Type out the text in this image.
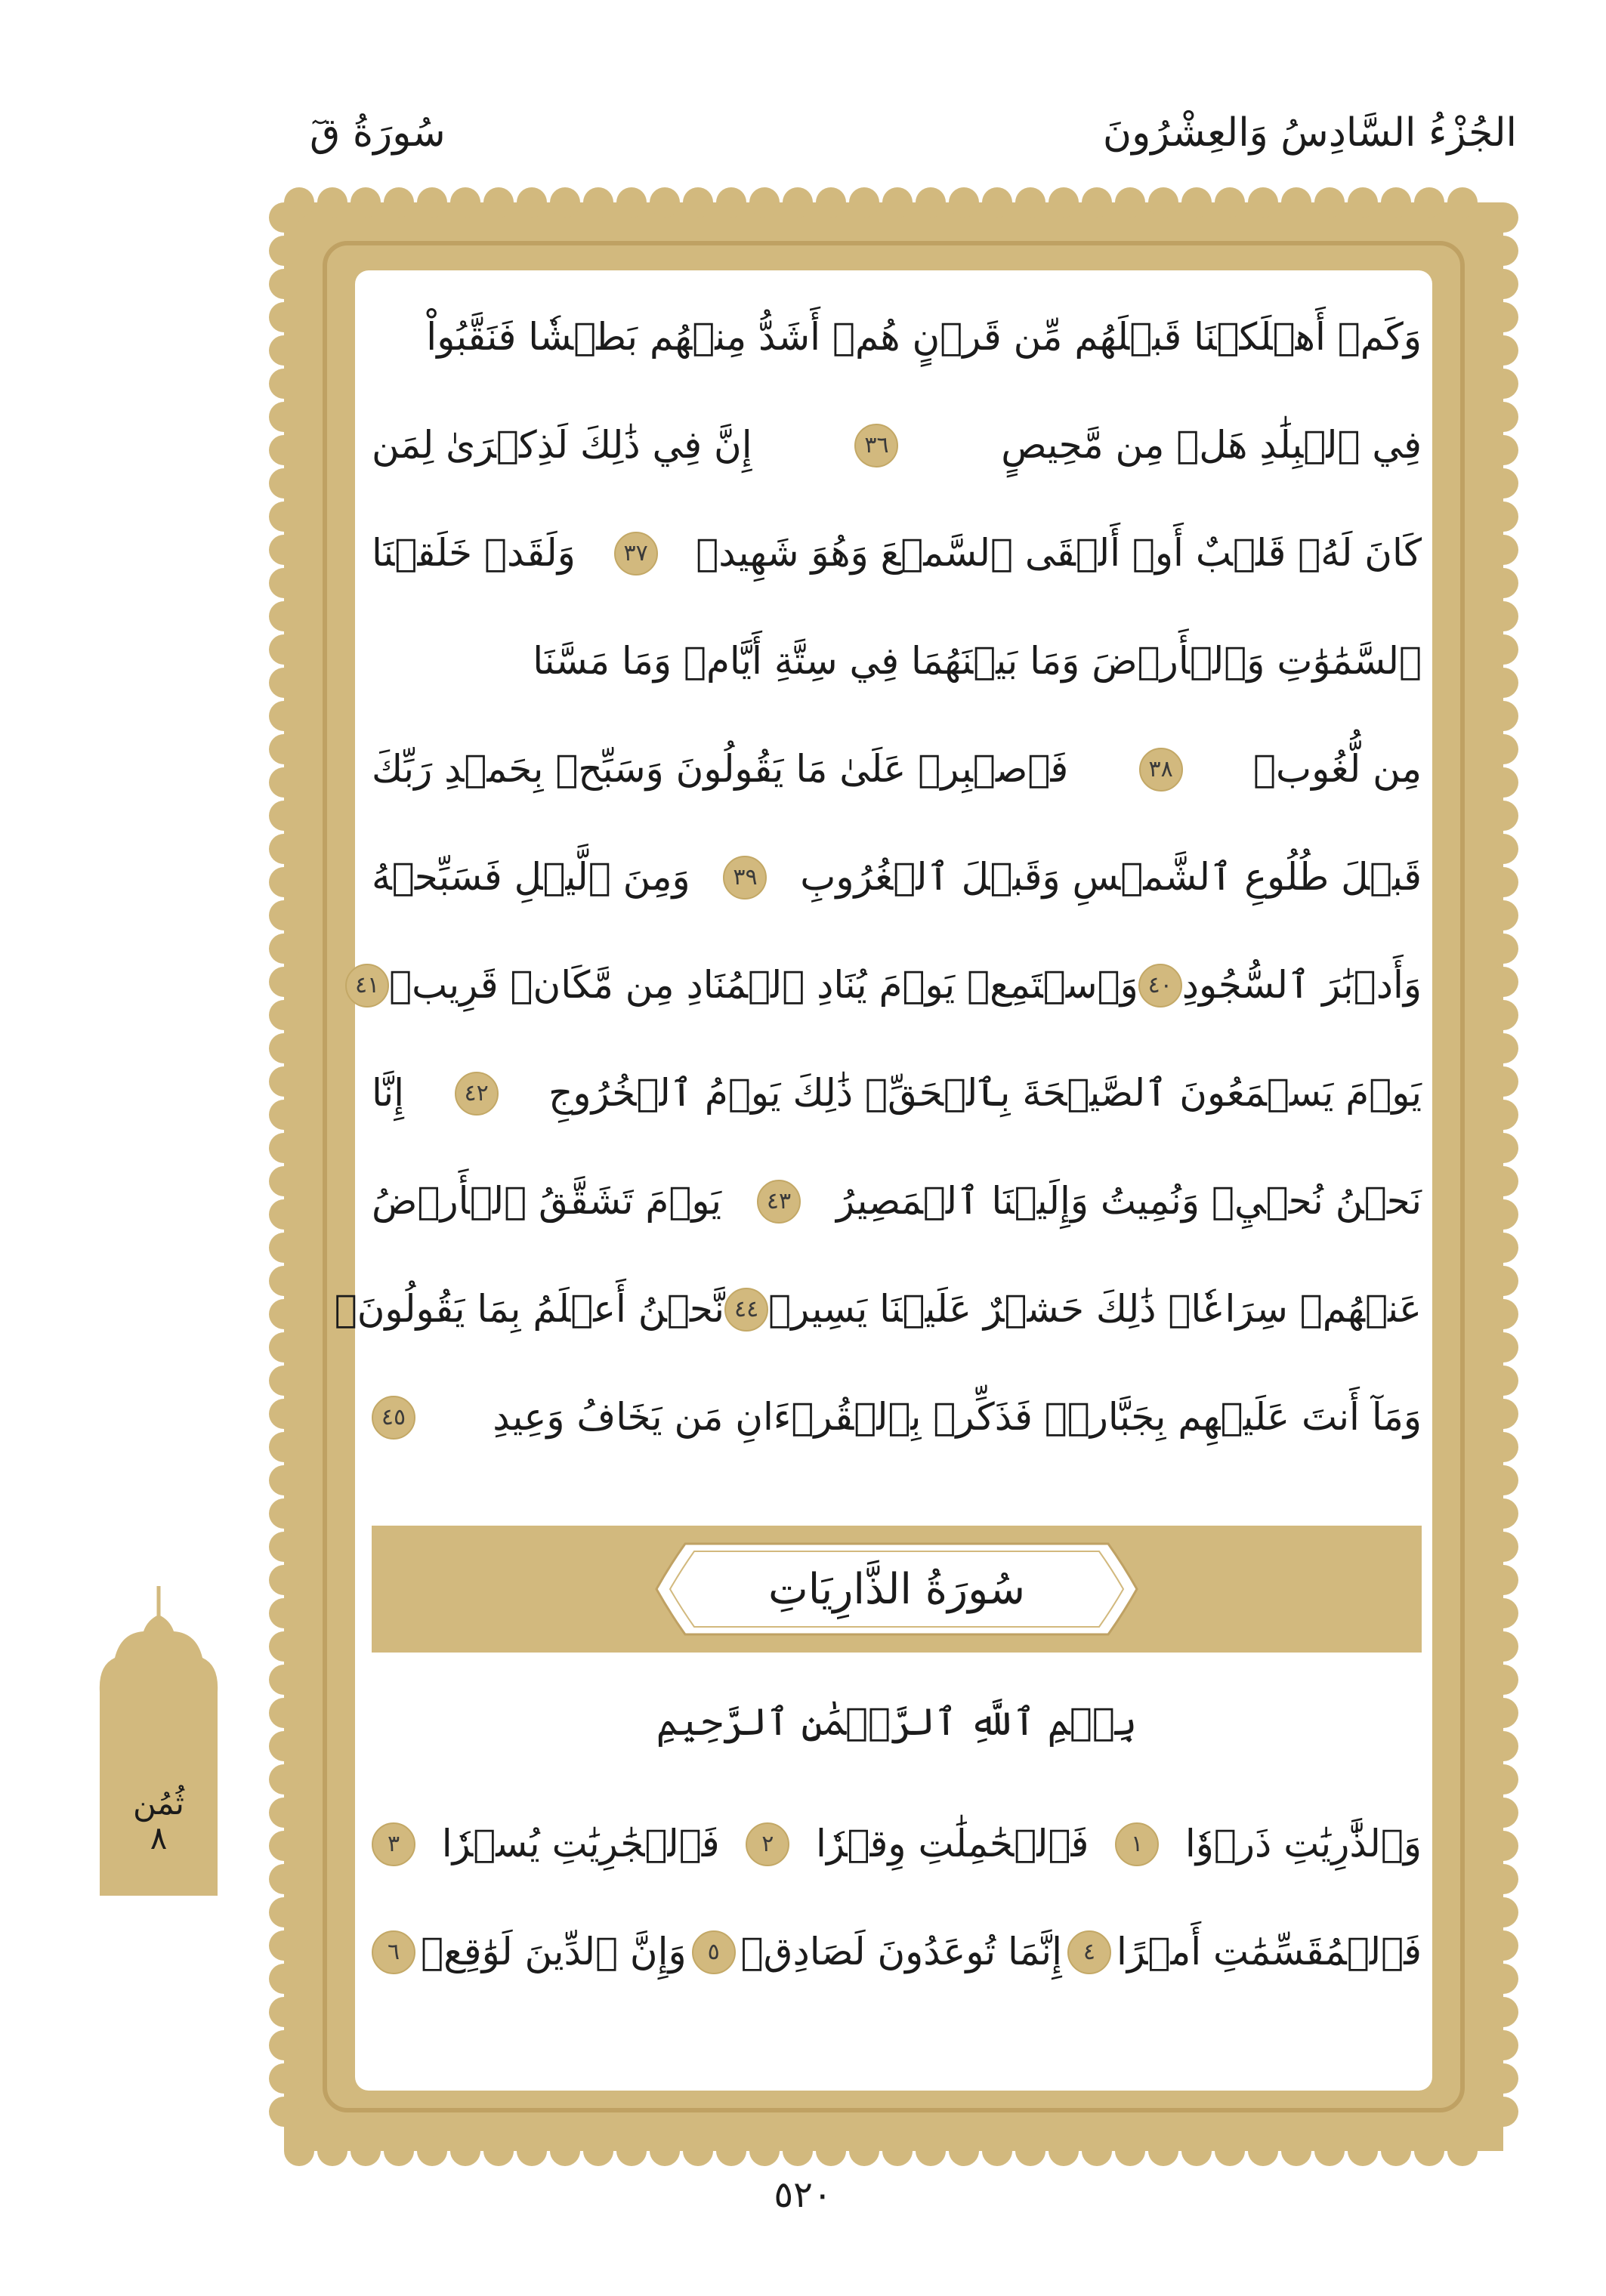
الجُزْءُ السَّادِسُ وَالعِشْرُونَ
سُورَةُ قٓ
وَكَمۡ أَهۡلَكۡنَا قَبۡلَهُم مِّن قَرۡنٍ هُمۡ أَشَدُّ مِنۡهُم بَطۡشٗا فَنَقَّبُواْ
فِي ٱلۡبِلَٰدِ هَلۡ مِن مَّحِيصٍ
٣٦
إِنَّ فِي ذَٰلِكَ لَذِكۡرَىٰ لِمَن
كَانَ لَهُۥ قَلۡبٌ أَوۡ أَلۡقَى ٱلسَّمۡعَ وَهُوَ شَهِيدٞ
٣٧
وَلَقَدۡ خَلَقۡنَا
ٱلسَّمَٰوَٰتِ وَٱلۡأَرۡضَ وَمَا بَيۡنَهُمَا فِي سِتَّةِ أَيَّامٖ وَمَا مَسَّنَا
مِن لُّغُوبٖ
٣٨
فَٱصۡبِرۡ عَلَىٰ مَا يَقُولُونَ وَسَبِّحۡ بِحَمۡدِ رَبِّكَ
قَبۡلَ طُلُوعِ ٱلشَّمۡسِ وَقَبۡلَ ٱلۡغُرُوبِ
٣٩
وَمِنَ ٱلَّيۡلِ فَسَبِّحۡهُ
وَأَدۡبَٰرَ ٱلسُّجُودِ
٤٠
وَٱسۡتَمِعۡ يَوۡمَ يُنَادِ ٱلۡمُنَادِ مِن مَّكَانٖ قَرِيبٖ
٤١
يَوۡمَ يَسۡمَعُونَ ٱلصَّيۡحَةَ بِٱلۡحَقِّۚ ذَٰلِكَ يَوۡمُ ٱلۡخُرُوجِ
٤٢
إِنَّا
نَحۡنُ نُحۡيِۦ وَنُمِيتُ وَإِلَيۡنَا ٱلۡمَصِيرُ
٤٣
يَوۡمَ تَشَقَّقُ ٱلۡأَرۡضُ
عَنۡهُمۡ سِرَاعٗاۚ ذَٰلِكَ حَشۡرٌ عَلَيۡنَا يَسِيرٞ
٤٤
نَّحۡنُ أَعۡلَمُ بِمَا يَقُولُونَۖ
وَمَآ أَنتَ عَلَيۡهِم بِجَبَّارٖۖ فَذَكِّرۡ بِٱلۡقُرۡءَانِ مَن يَخَافُ وَعِيدِ
٤٥
سُورَةُ الذَّارِيَاتِ
بِسۡمِ ٱللَّهِ ٱلرَّحۡمَٰنِ ٱلرَّحِيمِ
وَٱلذَّٰرِيَٰتِ ذَرۡوٗا
١
فَٱلۡحَٰمِلَٰتِ وِقۡرٗا
٢
فَٱلۡجَٰرِيَٰتِ يُسۡرٗا
٣
فَٱلۡمُقَسِّمَٰتِ أَمۡرًا
٤
إِنَّمَا تُوعَدُونَ لَصَادِقٞ
٥
وَإِنَّ ٱلدِّينَ لَوَٰقِعٞ
٦
٥٢٠
ثُمُن
٨
